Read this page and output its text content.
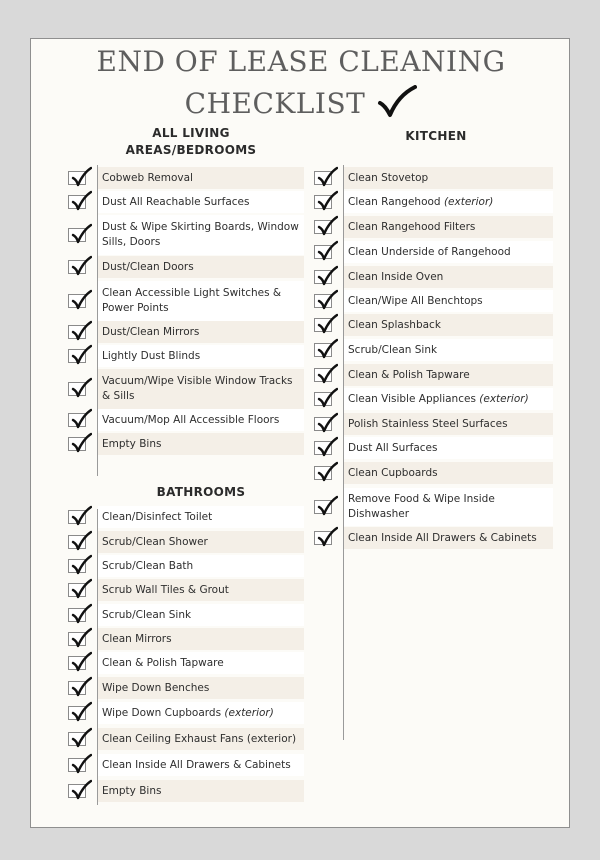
END OF LEASE CLEANING
CHECKLIST
ALL LIVING
AREAS/BEDROOMS
KITCHEN
BATHROOMS
Cobweb Removal
Dust All Reachable Surfaces
Dust & Wipe Skirting Boards, Window Sills, Doors
Dust/Clean Doors
Clean Accessible Light Switches & Power Points
Dust/Clean Mirrors
Lightly Dust Blinds
Vacuum/Wipe Visible Window Tracks & Sills
Vacuum/Mop All Accessible Floors
Empty Bins
Clean/Disinfect Toilet
Scrub/Clean Shower
Scrub/Clean Bath
Scrub Wall Tiles & Grout
Scrub/Clean Sink
Clean Mirrors
Clean & Polish Tapware
Wipe Down Benches
Wipe Down Cupboards (exterior)
Clean Ceiling Exhaust Fans (exterior)
Clean Inside All Drawers & Cabinets
Empty Bins
Clean Stovetop
Clean Rangehood (exterior)
Clean Rangehood Filters
Clean Underside of Rangehood
Clean Inside Oven
Clean/Wipe All Benchtops
Clean Splashback
Scrub/Clean Sink
Clean & Polish Tapware
Clean Visible Appliances (exterior)
Polish Stainless Steel Surfaces
Dust All Surfaces
Clean Cupboards
Remove Food & Wipe Inside Dishwasher
Clean Inside All Drawers & Cabinets
